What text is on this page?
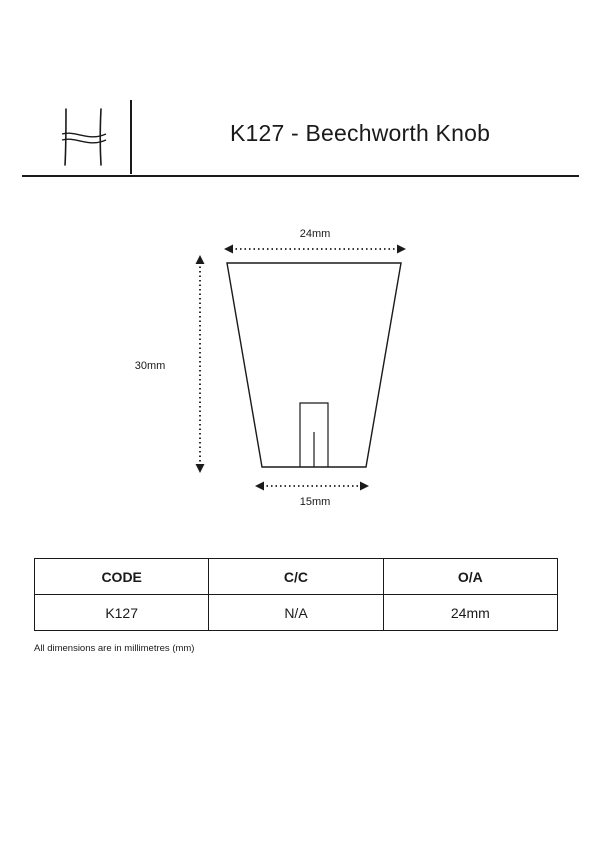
K127 - Beechworth Knob
24mm
30mm
15mm
CODE	C/C	O/A
K127	N/A	24mm
All dimensions are in millimetres (mm)
